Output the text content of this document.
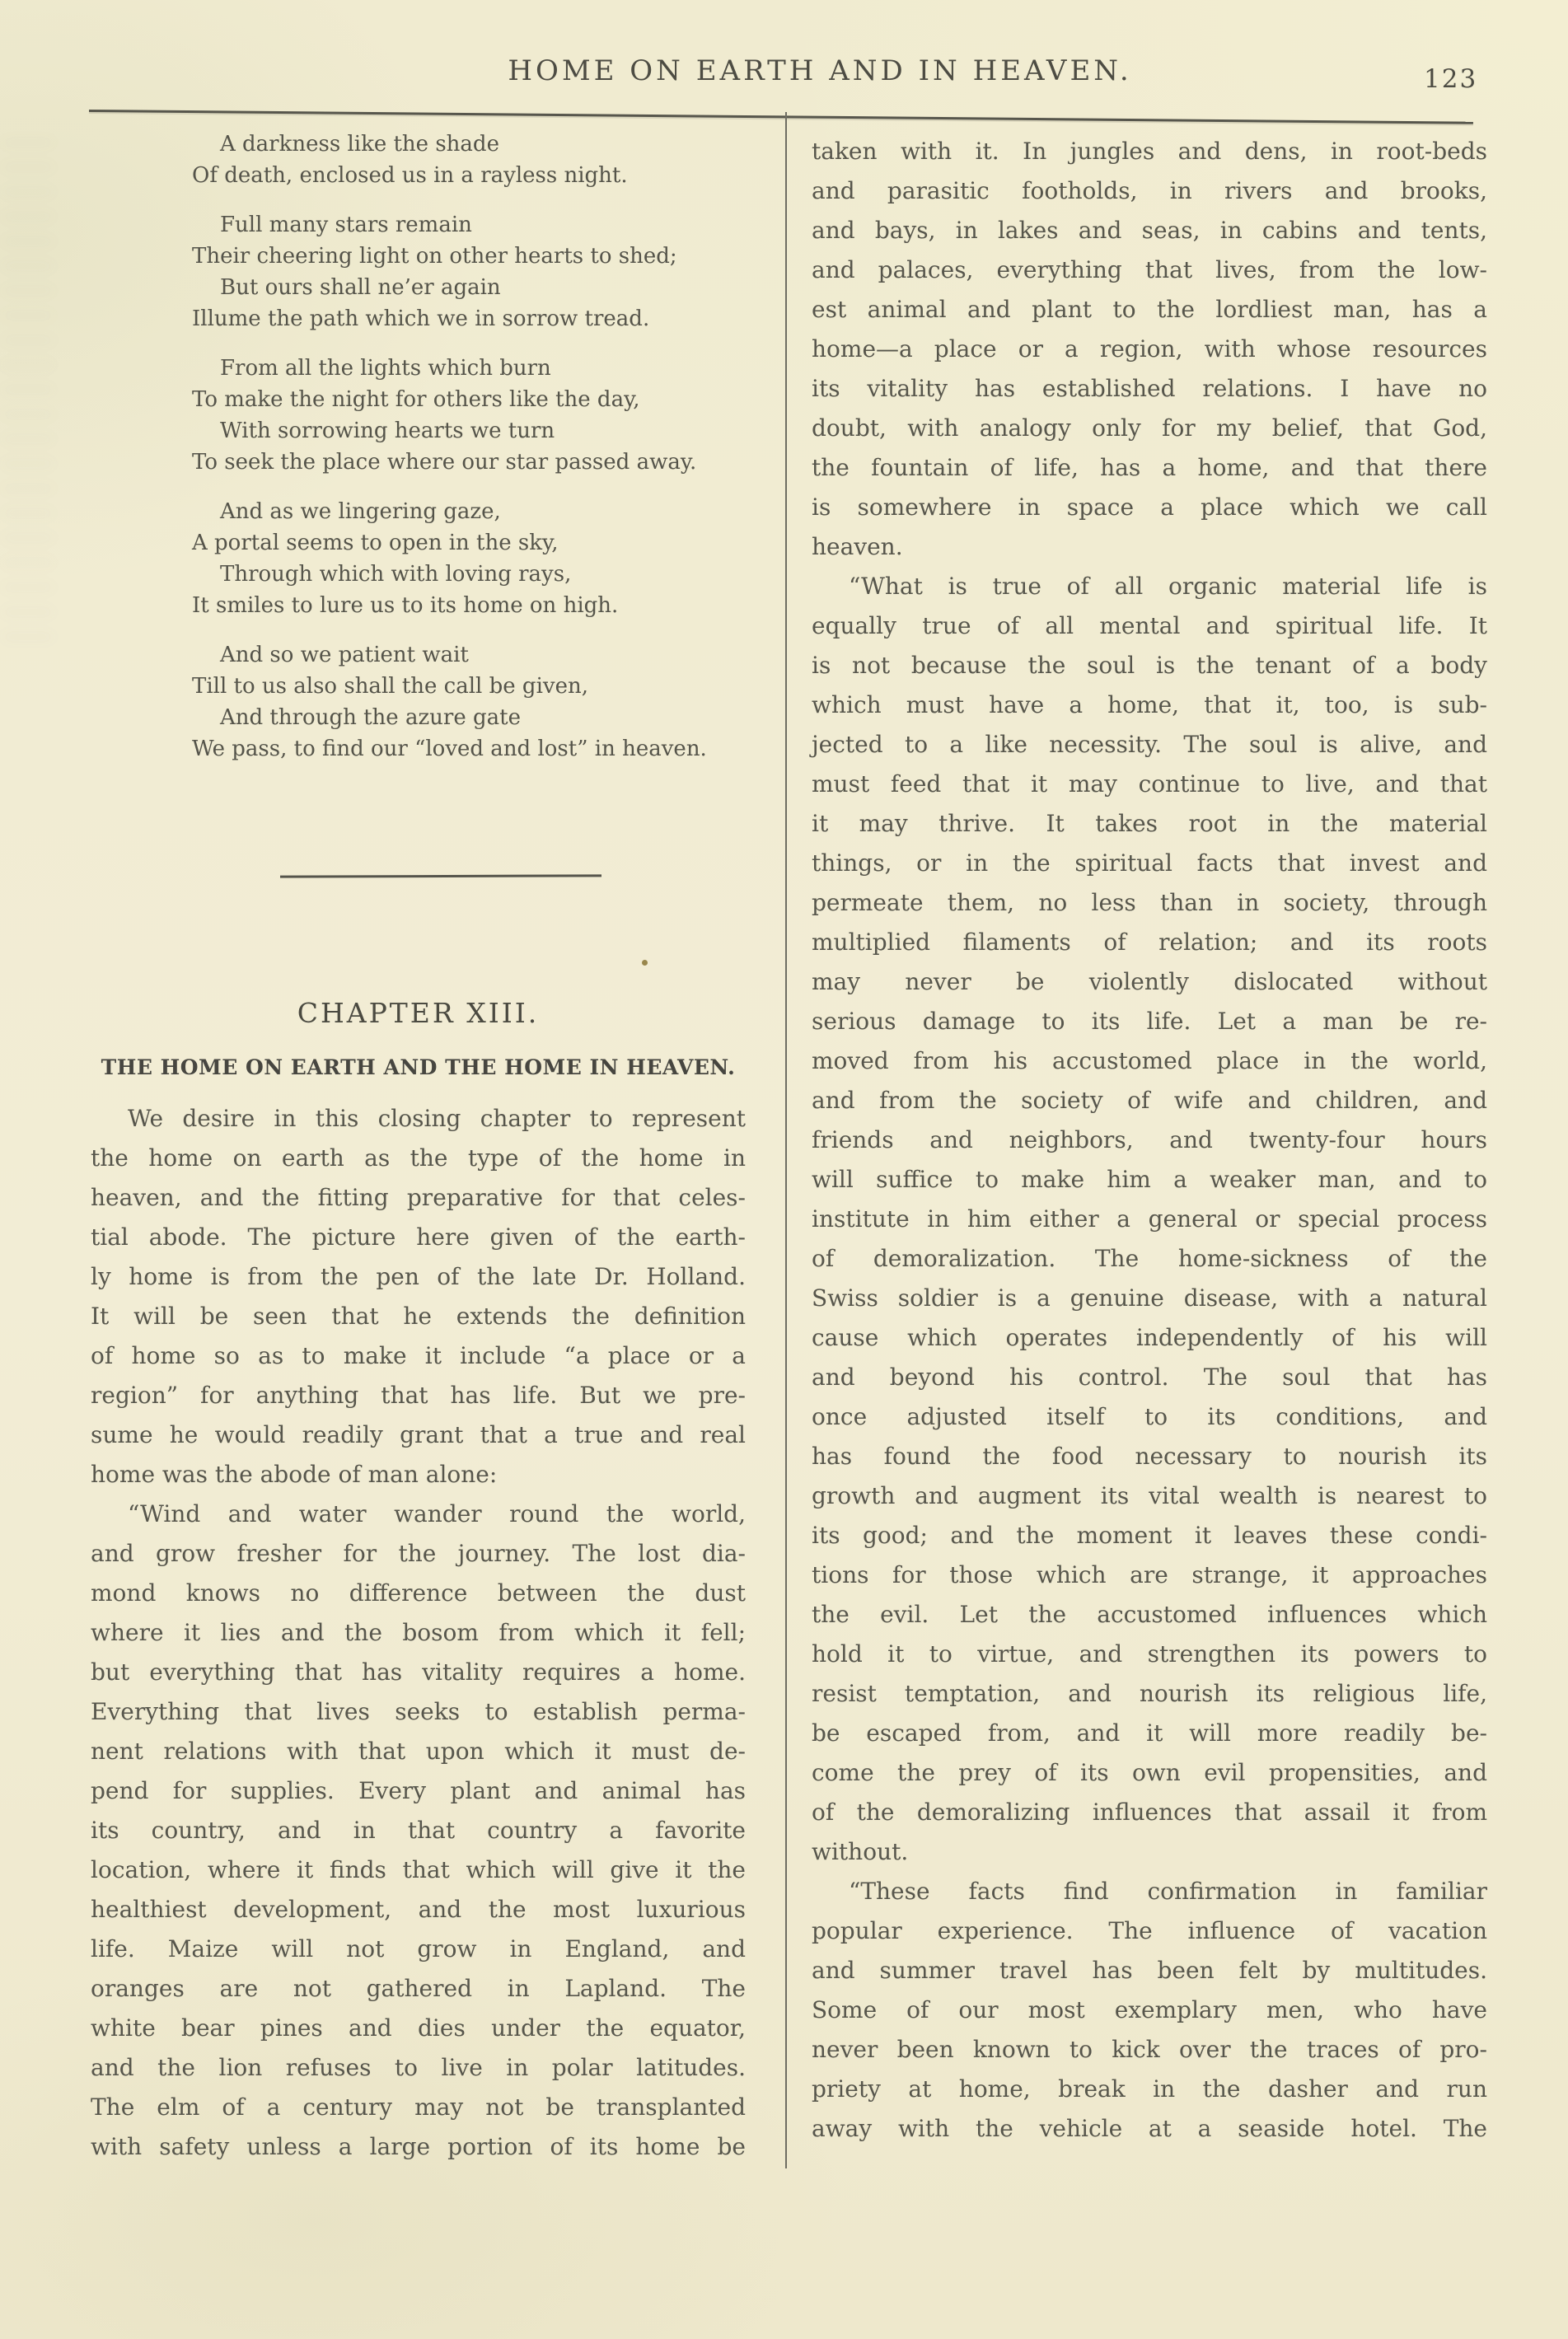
HOME ON EARTH AND IN HEAVEN.	123
A darkness like the shade
Of death, enclosed us in a rayless night.
Full many stars remain
Their cheering light on other hearts to shed;
But ours shall ne’er again
Illume the path which we in sorrow tread.
From all the lights which burn
To make the night for others like the day,
With sorrowing hearts we turn
To seek the place where our star passed away.
And as we lingering gaze,
A portal seems to open in the sky,
Through which with loving rays,
It smiles to lure us to its home on high.
And so we patient wait
Till to us also shall the call be given,
And through the azure gate
We pass, to find our “loved and lost” in heaven.
CHAPTER XIII.
THE HOME ON EARTH AND THE HOME IN HEAVEN.
We desire in this closing chapter to represent
the home on earth as the type of the home in
heaven, and the fitting preparative for that celes-
tial abode. The picture here given of the earth-
ly home is from the pen of the late Dr. Holland.
It will be seen that he extends the definition
of home so as to make it include “a place or a
region” for anything that has life. But we pre-
sume he would readily grant that a true and real
home was the abode of man alone:
“Wind and water wander round the world,
and grow fresher for the journey. The lost dia-
mond knows no difference between the dust
where it lies and the bosom from which it fell;
but everything that has vitality requires a home.
Everything that lives seeks to establish perma-
nent relations with that upon which it must de-
pend for supplies. Every plant and animal has
its country, and in that country a favorite
location, where it finds that which will give it the
healthiest development, and the most luxurious
life. Maize will not grow in England, and
oranges are not gathered in Lapland. The
white bear pines and dies under the equator,
and the lion refuses to live in polar latitudes.
The elm of a century may not be transplanted
with safety unless a large portion of its home be
taken with it. In jungles and dens, in root-beds
and parasitic footholds, in rivers and brooks,
and bays, in lakes and seas, in cabins and tents,
and palaces, everything that lives, from the low-
est animal and plant to the lordliest man, has a
home—a place or a region, with whose resources
its vitality has established relations. I have no
doubt, with analogy only for my belief, that God,
the fountain of life, has a home, and that there
is somewhere in space a place which we call
heaven.
“What is true of all organic material life is
equally true of all mental and spiritual life. It
is not because the soul is the tenant of a body
which must have a home, that it, too, is sub-
jected to a like necessity. The soul is alive, and
must feed that it may continue to live, and that
it may thrive. It takes root in the material
things, or in the spiritual facts that invest and
permeate them, no less than in society, through
multiplied filaments of relation; and its roots
may never be violently dislocated without
serious damage to its life. Let a man be re-
moved from his accustomed place in the world,
and from the society of wife and children, and
friends and neighbors, and twenty-four hours
will suffice to make him a weaker man, and to
institute in him either a general or special process
of demoralization. The home-sickness of the
Swiss soldier is a genuine disease, with a natural
cause which operates independently of his will
and beyond his control. The soul that has
once adjusted itself to its conditions, and
has found the food necessary to nourish its
growth and augment its vital wealth is nearest to
its good; and the moment it leaves these condi-
tions for those which are strange, it approaches
the evil. Let the accustomed influences which
hold it to virtue, and strengthen its powers to
resist temptation, and nourish its religious life,
be escaped from, and it will more readily be-
come the prey of its own evil propensities, and
of the demoralizing influences that assail it from
without.
“These facts find confirmation in familiar
popular experience. The influence of vacation
and summer travel has been felt by multitudes.
Some of our most exemplary men, who have
never been known to kick over the traces of pro-
priety at home, break in the dasher and run
away with the vehicle at a seaside hotel. The
